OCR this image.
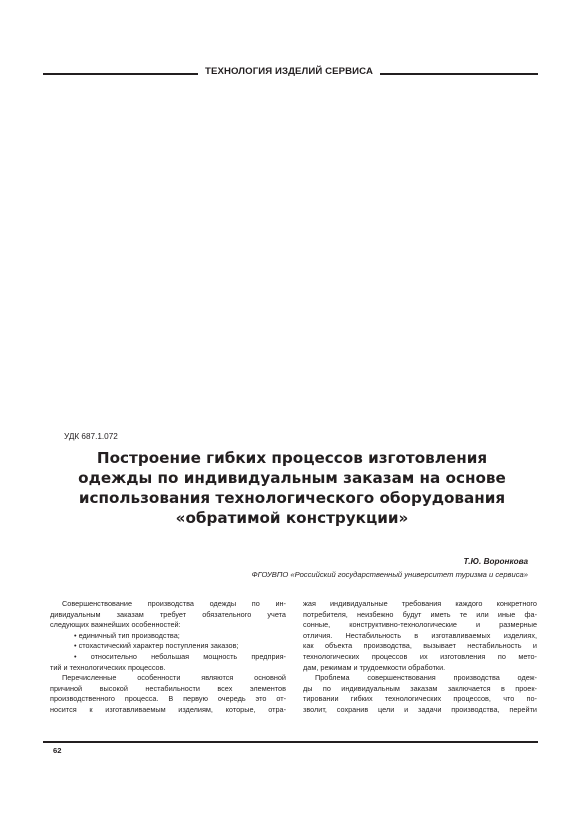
ТЕХНОЛОГИЯ ИЗДЕЛИЙ СЕРВИСА
УДК 687.1.072
Построение гибких процессов изготовления
одежды по индивидуальным заказам на основе
использования технологического оборудования
«обратимой конструкции»
Т.Ю. Воронкова
ФГОУВПО «Российский государственный университет туризма и сервиса»
Совершенствование производства одежды по ин-
дивидуальным заказам требует обязательного учета
следующих важнейших особенностей:
• единичный тип производства;
• стохастический характер поступления заказов;
• относительно небольшая мощность предприя-
тий и технологических процессов.
Перечисленные особенности являются основной
причиной высокой нестабильности всех элементов
производственного процесса. В первую очередь это от-
носится к изготавливаемым изделиям, которые, отра-
жая индивидуальные требования каждого конкретного
потребителя, неизбежно будут иметь те или иные фа-
сонные, конструктивно-технологические и размерные
отличия. Нестабильность в изготавливаемых изделиях,
как объекта производства, вызывает нестабильность и
технологических процессов их изготовления по мето-
дам, режимам и трудоемкости обработки.
Проблема совершенствования производства одеж-
ды по индивидуальным заказам заключается в проек-
тировании гибких технологических процессов, что по-
зволит, сохранив цели и задачи производства, перейти
62
